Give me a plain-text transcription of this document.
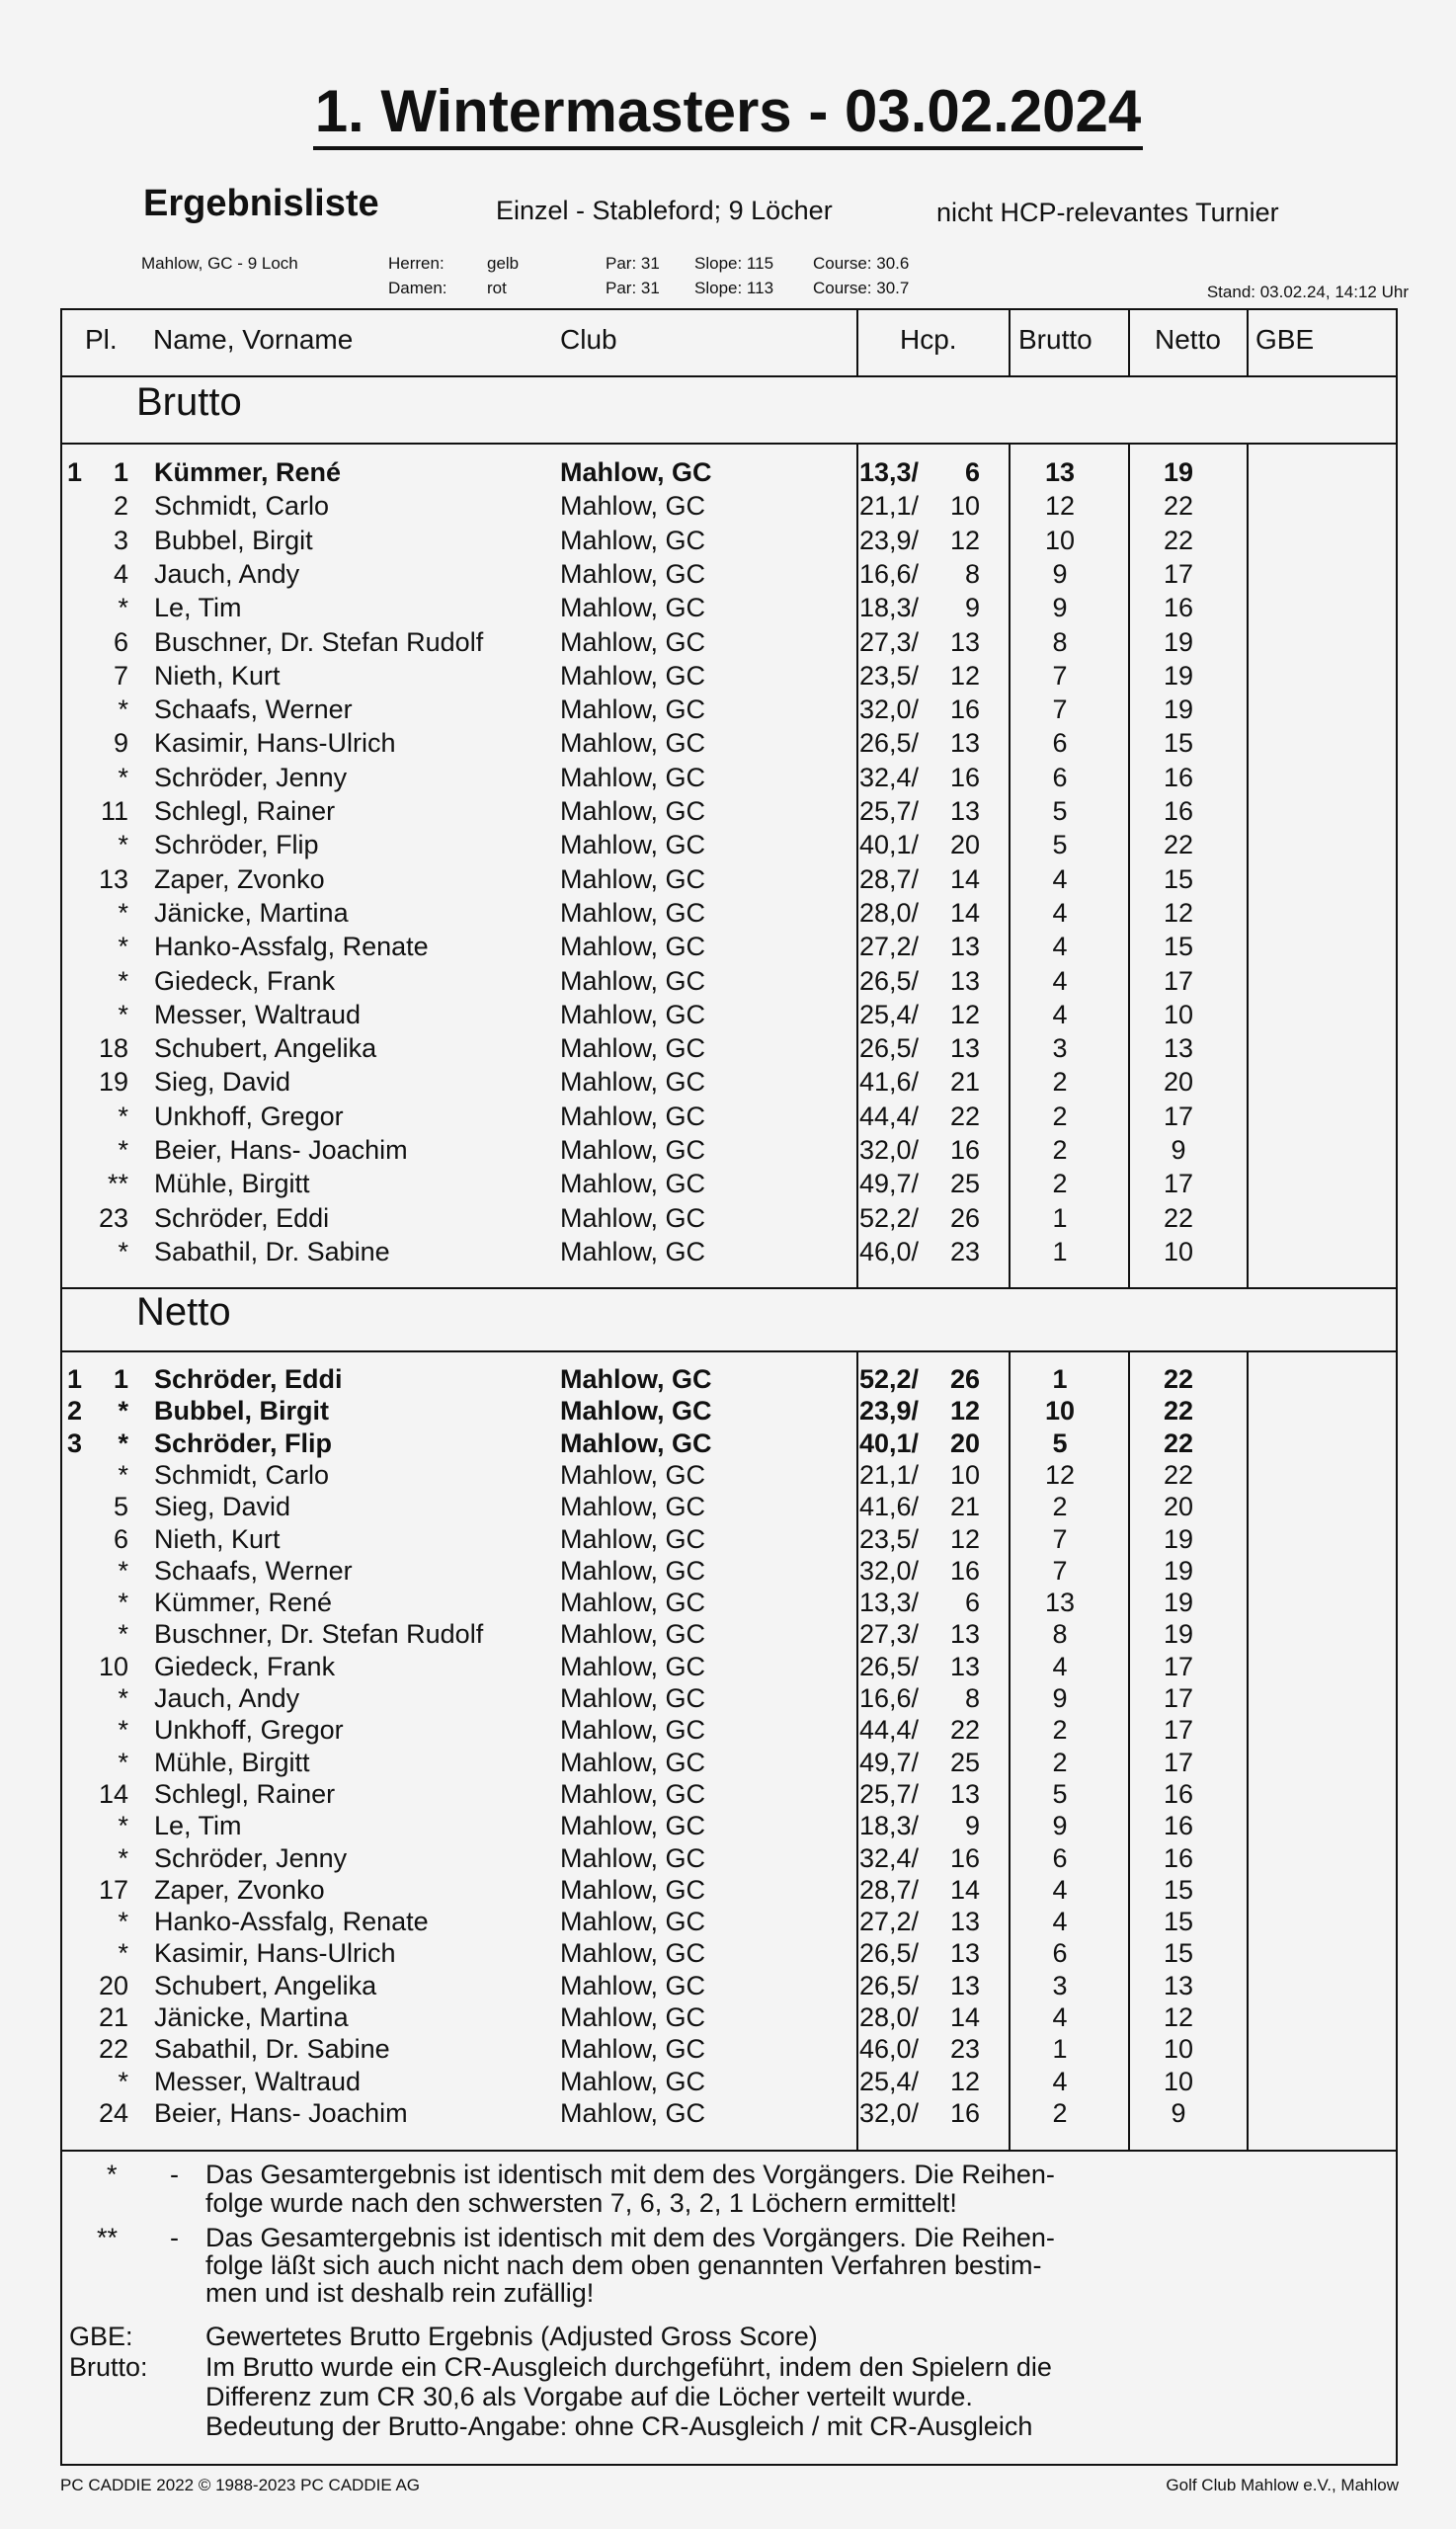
1. Wintermasters - 03.02.2024
Ergebnisliste	Einzel - Stableford; 9 Löcher	nicht HCP-relevantes Turnier
Mahlow, GC - 9 Loch	Herren:	gelb	Par: 31 Slope: 115 Course: 30.6
Damen: rot	Par: 31 Slope: 113 Course: 30.7	Stand: 03.02.24, 14:12 Uhr
Pl. Name, Vorname	Club	Hcp. Brutto Netto GBE
Brutto
Netto
1	1 Kümmer, René	Mahlow, GC	13,3/	6	13	19
2 Schmidt, Carlo	Mahlow, GC	21,1/	10	12	22
3 Bubbel, Birgit	Mahlow, GC	23,9/	12	10	22
4 Jauch, Andy	Mahlow, GC	16,6/	8	9	17
* Le, Tim	Mahlow, GC	18,3/	9	9	16
6 Buschner, Dr. Stefan Rudolf	Mahlow, GC	27,3/	13	8	19
7 Nieth, Kurt	Mahlow, GC	23,5/	12	7	19
* Schaafs, Werner	Mahlow, GC	32,0/	16	7	19
9 Kasimir, Hans-Ulrich	Mahlow, GC	26,5/	13	6	15
* Schröder, Jenny	Mahlow, GC	32,4/	16	6	16
11 Schlegl, Rainer	Mahlow, GC	25,7/	13	5	16
* Schröder, Flip	Mahlow, GC	40,1/	20	5	22
13 Zaper, Zvonko	Mahlow, GC	28,7/	14	4	15
* Jänicke, Martina	Mahlow, GC	28,0/	14	4	12
* Hanko-Assfalg, Renate	Mahlow, GC	27,2/	13	4	15
* Giedeck, Frank	Mahlow, GC	26,5/	13	4	17
* Messer, Waltraud	Mahlow, GC	25,4/	12	4	10
18 Schubert, Angelika	Mahlow, GC	26,5/	13	3	13
19 Sieg, David	Mahlow, GC	41,6/	21	2	20
* Unkhoff, Gregor	Mahlow, GC	44,4/	22	2	17
* Beier, Hans- Joachim	Mahlow, GC	32,0/	16	2	9
** Mühle, Birgitt	Mahlow, GC	49,7/	25	2	17
23 Schröder, Eddi	Mahlow, GC	52,2/	26	1	22
* Sabathil, Dr. Sabine	Mahlow, GC	46,0/	23	1	10
1	1 Schröder, Eddi	Mahlow, GC	52,2/	26	1	22
2	* Bubbel, Birgit	Mahlow, GC	23,9/	12	10	22
3	* Schröder, Flip	Mahlow, GC	40,1/	20	5	22
* Schmidt, Carlo	Mahlow, GC	21,1/	10	12	22
5 Sieg, David	Mahlow, GC	41,6/	21	2	20
6 Nieth, Kurt	Mahlow, GC	23,5/	12	7	19
* Schaafs, Werner	Mahlow, GC	32,0/	16	7	19
* Kümmer, René	Mahlow, GC	13,3/	6	13	19
* Buschner, Dr. Stefan Rudolf	Mahlow, GC	27,3/	13	8	19
10 Giedeck, Frank	Mahlow, GC	26,5/	13	4	17
* Jauch, Andy	Mahlow, GC	16,6/	8	9	17
* Unkhoff, Gregor	Mahlow, GC	44,4/	22	2	17
* Mühle, Birgitt	Mahlow, GC	49,7/	25	2	17
14 Schlegl, Rainer	Mahlow, GC	25,7/	13	5	16
* Le, Tim	Mahlow, GC	18,3/	9	9	16
* Schröder, Jenny	Mahlow, GC	32,4/	16	6	16
17 Zaper, Zvonko	Mahlow, GC	28,7/	14	4	15
* Hanko-Assfalg, Renate	Mahlow, GC	27,2/	13	4	15
* Kasimir, Hans-Ulrich	Mahlow, GC	26,5/	13	6	15
20 Schubert, Angelika	Mahlow, GC	26,5/	13	3	13
21 Jänicke, Martina	Mahlow, GC	28,0/	14	4	12
22 Sabathil, Dr. Sabine	Mahlow, GC	46,0/	23	1	10
* Messer, Waltraud	Mahlow, GC	25,4/	12	4	10
24 Beier, Hans- Joachim	Mahlow, GC	32,0/	16	2	9
* - Das Gesamtergebnis ist identisch mit dem des Vorgängers. Die Reihen-
folge wurde nach den schwersten 7, 6, 3, 2, 1 Löchern ermittelt!
** - Das Gesamtergebnis ist identisch mit dem des Vorgängers. Die Reihen-
folge läßt sich auch nicht nach dem oben genannten Verfahren bestim-
men und ist deshalb rein zufällig!
GBE:	Gewertetes Brutto Ergebnis (Adjusted Gross Score)
Brutto: Im Brutto wurde ein CR-Ausgleich durchgeführt, indem den Spielern die
Differenz zum CR 30,6 als Vorgabe auf die Löcher verteilt wurde.
Bedeutung der Brutto-Angabe: ohne CR-Ausgleich / mit CR-Ausgleich
PC CADDIE 2022 © 1988-2023 PC CADDIE AG	Golf Club Mahlow e.V., Mahlow
